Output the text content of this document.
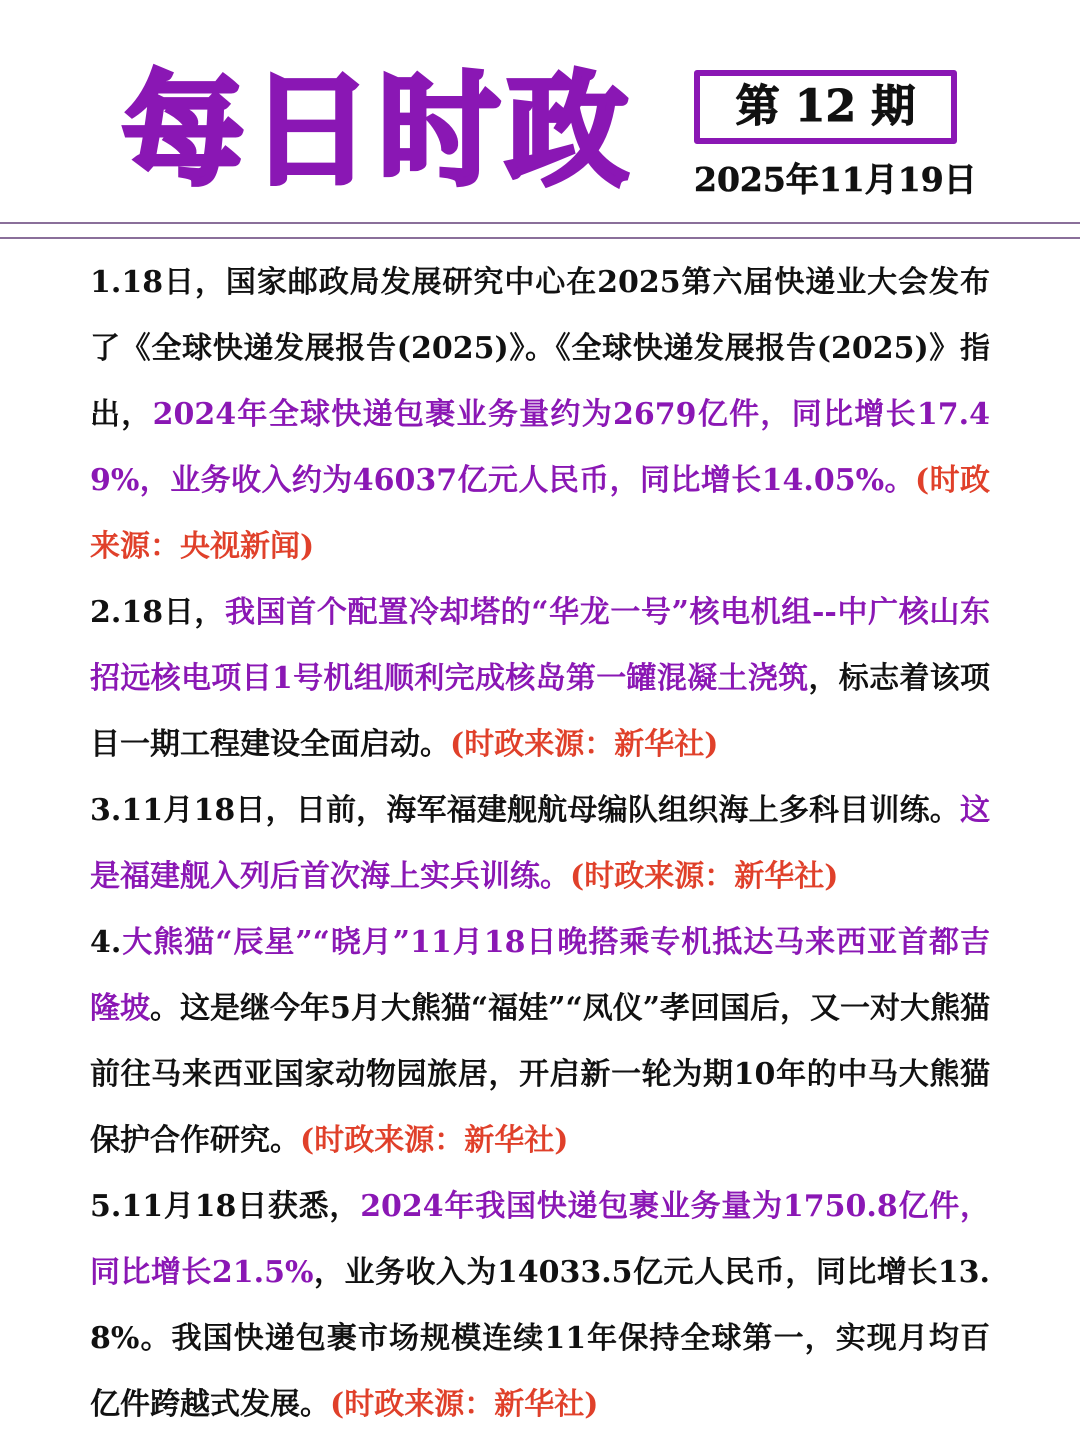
每日时政 第 12 期
2025年11月19日

1.18日，国家邮政局发展研究中心在2025第六届快递业大会发布了《全球快递发展报告(2025)》。《全球快递发展报告(2025)》指出，2024年全球快递包裹业务量约为2679亿件，同比增长17.49%，业务收入约为46037亿元人民币，同比增长14.05%。(时政来源：央视新闻)

2.18日，我国首个配置冷却塔的“华龙一号”核电机组--中广核山东招远核电项目1号机组顺利完成核岛第一罐混凝土浇筑，标志着该项目一期工程建设全面启动。(时政来源：新华社)

3.11月18日，日前，海军福建舰航母编队组织海上多科目训练。这是福建舰入列后首次海上实兵训练。(时政来源：新华社)

4.大熊猫“辰星”“晓月”11月18日晚搭乘专机抵达马来西亚首都吉隆坡。这是继今年5月大熊猫“福娃”“凤仪”孝回国后，又一对大熊猫前往马来西亚国家动物园旅居，开启新一轮为期10年的中马大熊猫保护合作研究。(时政来源：新华社)

5.11月18日获悉，2024年我国快递包裹业务量为1750.8亿件，同比增长21.5%，业务收入为14033.5亿元人民币，同比增长13.8%。我国快递包裹市场规模连续11年保持全球第一，实现月均百亿件跨越式发展。(时政来源：新华社)
